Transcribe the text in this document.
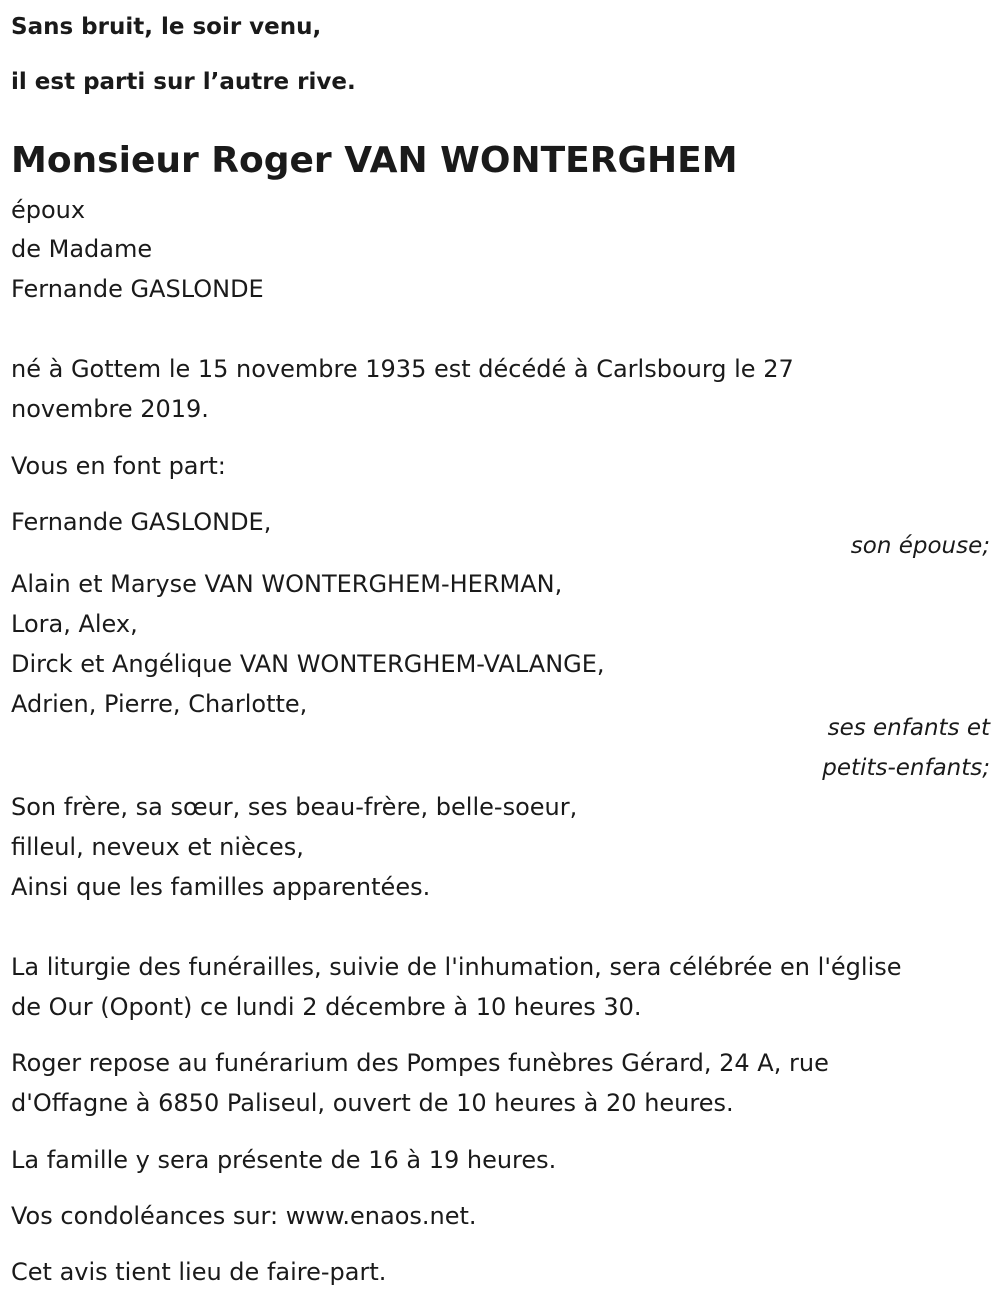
Sans bruit, le soir venu,

il est parti sur l’autre rive.

Monsieur Roger VAN WONTERGHEM

époux

de Madame

Fernande GASLONDE

né à Gottem le 15 novembre 1935 est décédé à Carlsbourg le 27

novembre 2019.

Vous en font part:

Fernande GASLONDE,

son épouse;

Alain et Maryse VAN WONTERGHEM-HERMAN,

Lora, Alex,

Dirck et Angélique VAN WONTERGHEM-VALANGE,

Adrien, Pierre, Charlotte,

ses enfants et

petits-enfants;

Son frère, sa sœur, ses beau-frère, belle-soeur,

filleul, neveux et nièces,

Ainsi que les familles apparentées.

La liturgie des funérailles, suivie de l'inhumation, sera célébrée en l'église

de Our (Opont) ce lundi 2 décembre à 10 heures 30.

Roger repose au funérarium des Pompes funèbres Gérard, 24 A, rue

d'Offagne à 6850 Paliseul, ouvert de 10 heures à 20 heures.

La famille y sera présente de 16 à 19 heures.

Vos condoléances sur: www.enaos.net.

Cet avis tient lieu de faire-part.
